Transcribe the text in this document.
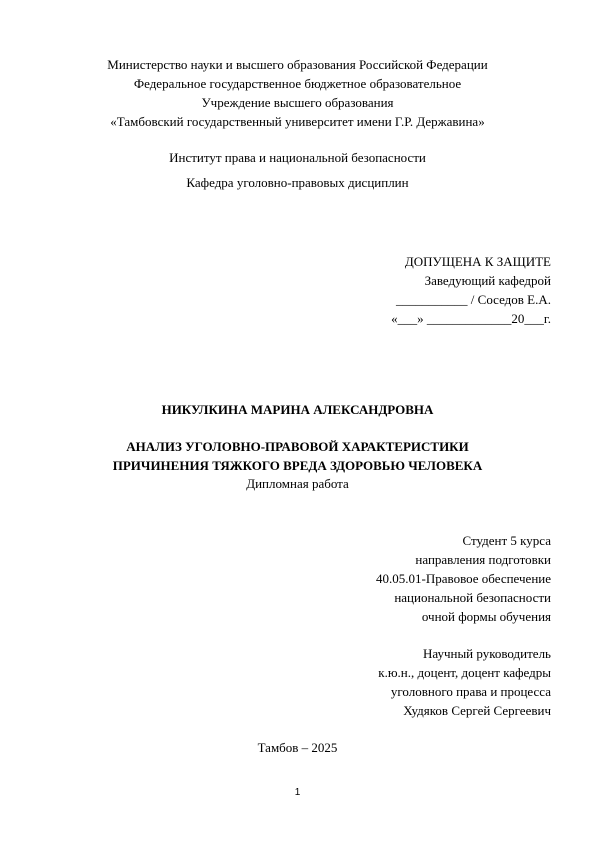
Министерство науки и высшего образования Российской Федерации
Федеральное государственное бюджетное образовательное
Учреждение высшего образования
«Тамбовский государственный университет имени Г.Р. Державина»
Институт права и национальной безопасности
Кафедра уголовно-правовых дисциплин
ДОПУЩЕНА К ЗАЩИТЕ
Заведующий кафедрой
___________ / Соседов Е.А.
«___» _____________20___г.
НИКУЛКИНА МАРИНА АЛЕКСАНДРОВНА
АНАЛИЗ УГОЛОВНО-ПРАВОВОЙ ХАРАКТЕРИСТИКИ
ПРИЧИНЕНИЯ ТЯЖКОГО ВРЕДА ЗДОРОВЬЮ ЧЕЛОВЕКА
Дипломная работа
Студент 5 курса
направления подготовки
40.05.01-Правовое обеспечение
национальной безопасности
очной формы обучения
Научный руководитель
к.ю.н., доцент, доцент кафедры
уголовного права и процесса
Худяков Сергей Сергеевич
Тамбов – 2025
1
